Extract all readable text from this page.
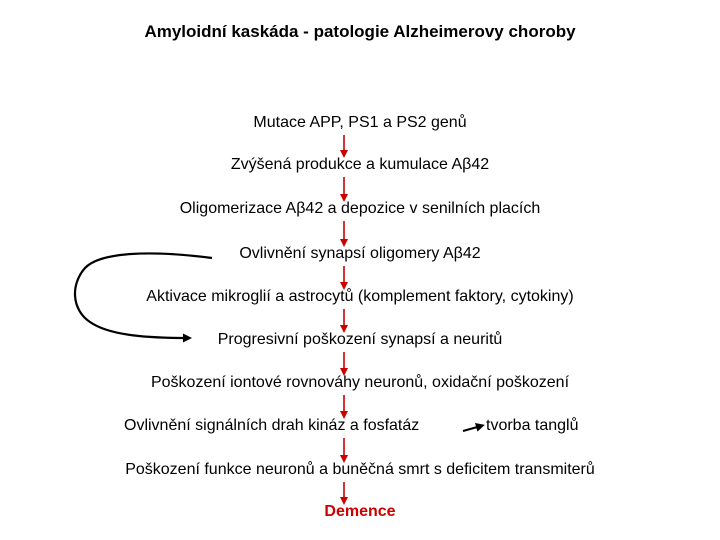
Amyloidní kaskáda - patologie Alzheimerovy choroby
Mutace APP, PS1 a PS2 genů
Zvýšená produkce a kumulace Aβ42
Oligomerizace Aβ42 a depozice v senilních placích
Ovlivnění synapsí oligomery Aβ42
Aktivace mikroglií a astrocytů (komplement faktory, cytokiny)
Progresivní poškození synapsí a neuritů
Poškození iontové rovnováhy neuronů, oxidační poškození
Ovlivnění signálních drah kináz a fosfatáz	tvorba tanglů
Poškození funkce neuronů a buněčná smrt s deficitem transmiterů
Demence
